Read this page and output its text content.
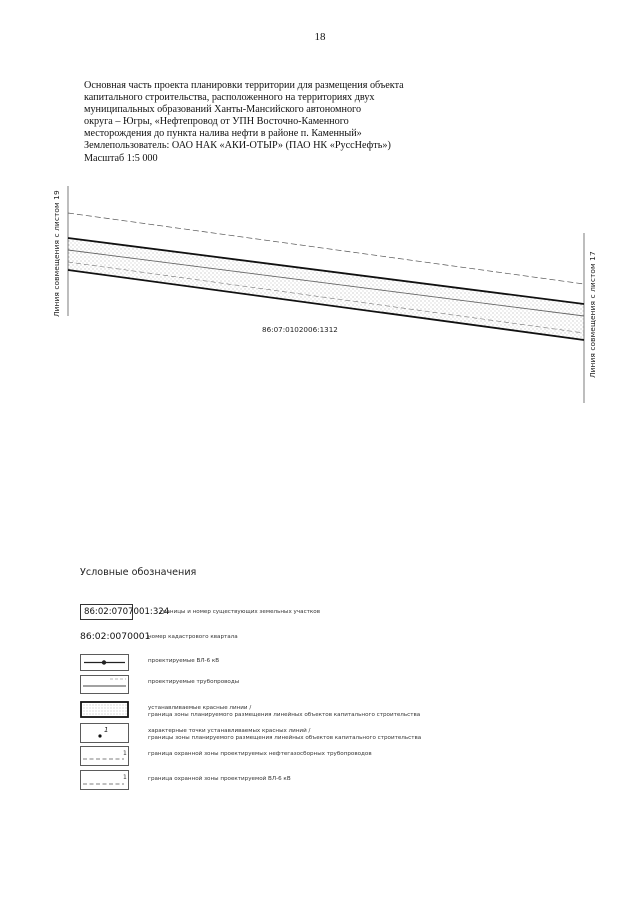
18
Основная часть проекта планировки территории для размещения объекта
капитального строительства, расположенного на территориях двух
муниципальных образований Ханты-Мансийского автономного
округа – Югры, «Нефтепровод от УПН Восточно-Каменного
месторождения до пункта налива нефти в районе п. Каменный»
Землепользователь: ОАО НАК «АКИ-ОТЫР» (ПАО НК «РуссНефть»)
Масштаб 1:5 000
Линия совмещения с листом 19	Линия совмещения с листом 17
86:07:0102006:1312
Условные обозначения
86:02:0707001:324
границы и номер существующих земельных участков
86:02:0070001
номер кадастрового квартала
проектируемые ВЛ-6 кВ
проектируемые трубопроводы
устанавливаемые красные линии /
граница зоны планируемого размещения линейных объектов капитального строительства
1	характерные точки устанавливаемых красных линий /
границы зоны планируемого размещения линейных объектов капитального строительства
1	граница охранной зоны проектируемых нефтегазосборных трубопроводов
1	граница охранной зоны проектируемой ВЛ-6 кВ
